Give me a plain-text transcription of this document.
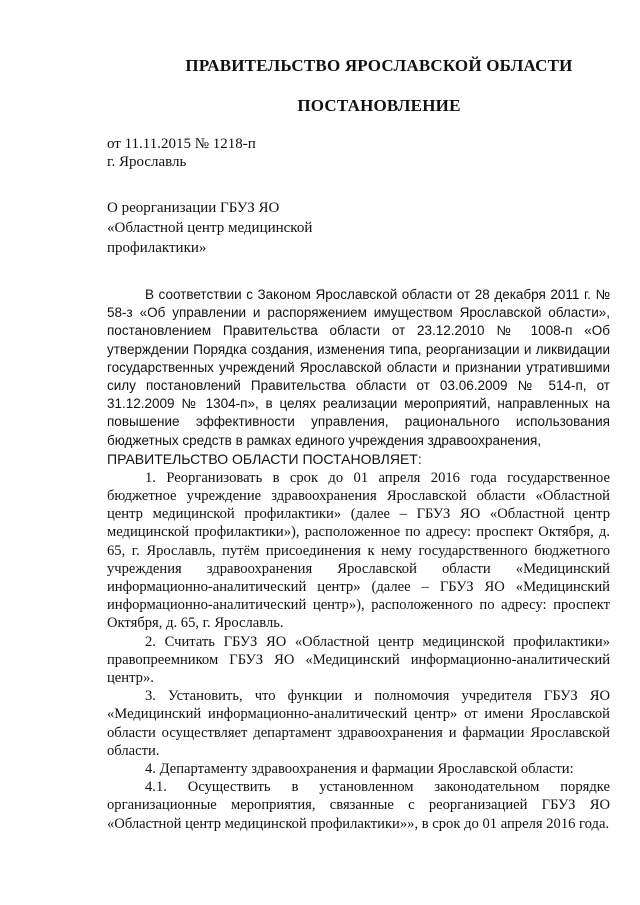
ПРАВИТЕЛЬСТВО ЯРОСЛАВСКОЙ ОБЛАСТИ
ПОСТАНОВЛЕНИЕ
от 11.11.2015 № 1218-п
г. Ярославль
О реорганизации ГБУЗ ЯО
«Областной центр медицинской
профилактики»

В соответствии с Законом Ярославской области от 28 декабря 2011 г. № 58-з «Об управлении и распоряжением имуществом Ярославской области», постановлением Правительства области от 23.12.2010 № 1008-п «Об утверждении Порядка создания, изменения типа, реорганизации и ликвидации государственных учреждений Ярославской области и признании утратившими силу постановлений Правительства области от 03.06.2009 № 514-п, от 31.12.2009 № 1304-п», в целях реализации мероприятий, направленных на повышение эффективности управления, рационального использования бюджетных средств в рамках единого учреждения здравоохранения,

ПРАВИТЕЛЬСТВО ОБЛАСТИ ПОСТАНОВЛЯЕТ:

1. Реорганизовать в срок до 01 апреля 2016 года государственное бюджетное учреждение здравоохранения Ярославской области «Областной центр медицинской профилактики» (далее – ГБУЗ ЯО «Областной центр медицинской профилактики»), расположенное по адресу: проспект Октября, д. 65, г. Ярославль, путём присоединения к нему государственного бюджетного учреждения здравоохранения Ярославской области «Медицинский информационно-аналитический центр» (далее – ГБУЗ ЯО «Медицинский информационно-аналитический центр»), расположенного по адресу: проспект Октября, д. 65, г. Ярославль.

2. Считать ГБУЗ ЯО «Областной центр медицинской профилактики» правопреемником ГБУЗ ЯО «Медицинский информационно-аналитический центр».

3. Установить, что функции и полномочия учредителя ГБУЗ ЯО «Медицинский информационно-аналитический центр» от имени Ярославской области осуществляет департамент здравоохранения и фармации Ярославской области.

4. Департаменту здравоохранения и фармации Ярославской области:

4.1. Осуществить в установленном законодательном порядке организационные мероприятия, связанные с реорганизацией ГБУЗ ЯО «Областной центр медицинской профилактики»», в срок до 01 апреля 2016 года.
